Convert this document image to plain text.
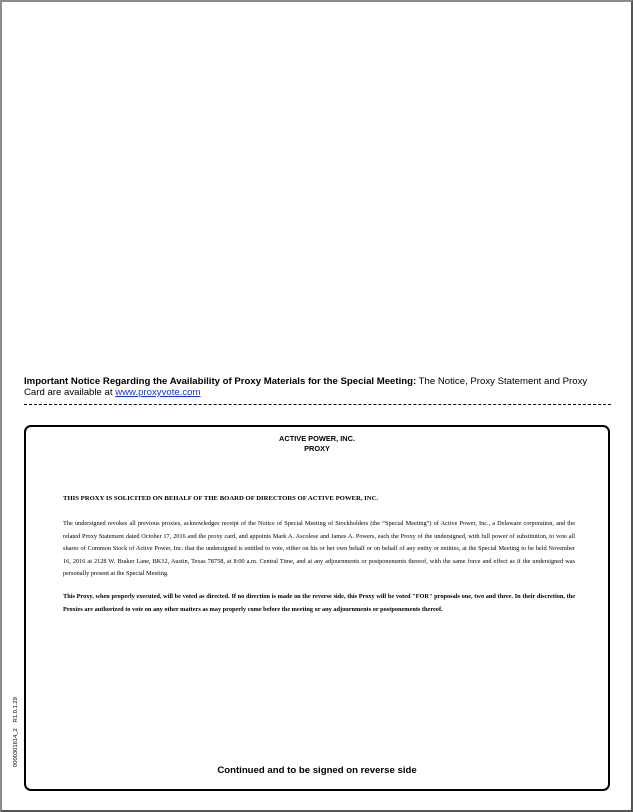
Important Notice Regarding the Availability of Proxy Materials for the Special Meeting: The Notice, Proxy Statement and Proxy Card are available at www.proxyvote.com
ACTIVE POWER, INC.
PROXY
THIS PROXY IS SOLICITED ON BEHALF OF THE BOARD OF DIRECTORS OF ACTIVE POWER, INC.
The undersigned revokes all previous proxies, acknowledges receipt of the Notice of Special Meeting of Stockholders (the “Special Meeting”) of Active Power, Inc., a Delaware corporation, and the related Proxy Statement dated October 17, 2016 and the proxy card, and appoints Mark A. Ascolese and James A. Powers, each the Proxy of the undersigned, with full power of substitution, to vote all shares of Common Stock of Active Power, Inc. that the undersigned is entitled to vote, either on his or her own behalf or on behalf of any entity or entities, at the Special Meeting to be held November 16, 2016 at 2128 W. Braker Lane, BK12, Austin, Texas 78758, at 8:00 a.m. Central Time, and at any adjournments or postponements thereof, with the same force and effect as if the undersigned was personally present at the Special Meeting.
This Proxy, when properly executed, will be voted as directed. If no direction is made on the reverse side, this Proxy will be voted "FOR" proposals one, two and three. In their discretion, the Proxies are authorized to vote on any other matters as may properly come before the meeting or any adjournments or postponements thereof.
Continued and to be signed on reverse side
0000301614_2R1.0.1.29
